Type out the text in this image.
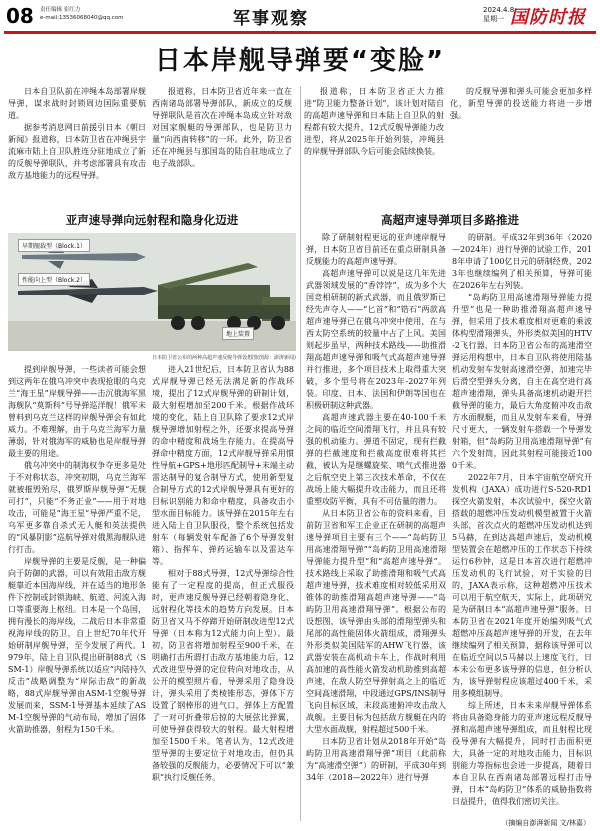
08 责任编辑 崔红力
e-mail:13536068040@qq.com	军事观察	2024.4.8
星期一 国防时报
日本岸舰导弹要“变脸”

日本自卫队前在冲绳本岛部署岸舰导弹，谋求战时封锁周边国际重要航道。

据参考消息网日前援引日本《朝日新闻》报道称，日本防卫省在冲绳县宇流麻市陆上自卫队胜连分驻地成立了新的反舰导弹联队，并考虑部署具有攻击敌方基地能力的远程导弹。

报道称，日本防卫省近年来一直在西南诸岛部署导弹部队，新成立的反舰导弹联队是首次在冲绳本岛成立针对敌对国家舰艇的导弹部队，也是防卫力量“向西南转移”的一环。此外，防卫省还在冲绳县与那国岛的陆自驻地成立了电子战部队。

报道称，日本防卫省正大力推进“防卫能力整备计划”，该计划对陆自的高超声速导弹和日本陆上自卫队的射程都有较大提升，12式反舰导弹能力改进型，将从2025年开始列装，冲绳县的岸舰导弹部队今后可能会陆续换装。

的反舰导弹和弹头可能会更加多样化，新型导弹的投送能力将进一步增强。

亚声速导弹向远射程和隐身化迈进
早期舰载型（Block.1）
性能向上型（Block.2）
地上装置
日本防卫省公布的两种高超声速反舰导弹设想图(图源：澎湃新闻)

提到岸舰导弹，一些读者可能会想到这两年在俄乌冲突中表现抢眼的乌克兰“海王星”岸舰导弹——击沉俄海军黑海舰队“莫斯科”号导弹巡洋舰！俄军未曾料到乌克兰这样的岸舰导弹会有如此威力。不难理解，由于乌克兰海军力量薄弱，针对俄海军的威胁也是岸舰导弹最主要的用途。

俄乌冲突中的制海权争夺更多是处于不对称状态，冲突初期，乌克兰海军就被摧毁殆尽，俄罗斯岸舰导弹“无舰可打”，只能“不务正业”——用于对地攻击，可能是“海王星”导弹严重不足，乌军更多靠自杀式无人艇和英法提供的“风暴阴影”巡航导弹对俄黑海舰队进行打击。

岸舰导弹的主要是反舰，是一种偏向于防御的武器，可以有效阻击敌方舰艇靠近本国海岸线，并在适当的地形条件下控制或封锁海峡、航道、河流入海口等重要海上枢纽。日本是一个岛国，拥有漫长的海岸线，二战后日本非常重视海岸线的防卫，自上世纪70年代开始研制岸舰导弹，至今发展了两代。1979年，陆上自卫队提出研制88式（SSM-1）岸舰导弹系统以适应“内陆持久反击”战略调整为“岸际击敌”的新战略，88式岸舰导弹由ASM-1空舰导弹发展而来，SSM-1导弹基本延续了ASM-1空舰导弹的气动布局，增加了固体火箭助推器，射程为150千米。

进入21世纪后，日本防卫省认为88式岸舰导弹已经无法满足新的作战环境，提出了12式岸舰导弹的研制计划，最大射程增加至200千米。根据作战环境的变化，陆上自卫队除了要求12式岸舰导弹增加射程之外，还要求提高导弹的命中精度和战场生存能力。在提高导弹命中精度方面，12式岸舰导弹采用惯性导航+GPS+地形匹配制导+末端主动雷达制导的复合制导方式，使用新型复合制导方式的12式岸舰导弹具有更好的目标识别能力和命中精度，具备攻击小型水面目标能力。该导弹在2015年左右进入陆上自卫队服役，整个系统包括发射车（每辆发射车配备了6个导弹发射箱）、指挥车、弹药运输车以及雷达车等。

相对于88式导弹，12式导弹综合性能有了一定程度的提高，但正式服役时，更声速反舰导弹已经朝着隐身化、远射程化等技术的趋势方向发展。日本防卫省又马不停蹄开始研制改进型12式导弹（日本称为12式能力向上型）。最初，防卫省将增加射程至900千米，在明确打击所谓打击敌方基地能力后，12式改进型导弹的定位转向对地攻击，从公开的模型照片看，导弹采用了隐身设计，弹头采用了类棱锥形态，弹体下方设置了钢棒形的进气口，弹体上方配置了一对可折叠带后掠的大展弦比弹翼，可使导弹获得较大的射程。最大射程增加至1500千米。笔者认为，12式改进型导弹的主要定位于对地攻击，但仍具备较强的反舰能力，必要情况下可以“兼职”执行反舰任务。

高超声速导弹项目多路推进

除了研制射程更远的亚声速岸舰导弹，日本防卫省目前还在重点研制具备反舰能力的高超声速导弹。

高超声速导弹可以说是这几年先进武器领域发展的“香饽饽”，成为多个大国竞相研制的新式武器，而且俄罗斯已经先声夺人——“匕首”和“锆石”两款高超声速导弹已在俄乌冲突中使用，在与西太防空系统的较量中占了上风。美国则起步虽早，两种技术路线——助推滑翔高超声速导弹和吸气式高超声速导弹并行推进，多个项目技术上取得重大突破，多个型号将在2023年-2027年列装。印度、日本、法国和伊朗等国也在积极研制这种武器。

高超声速武器主要在40-100千米之间的临近空间滑翔飞行，并且具有较强的机动能力。弹道不固定，现有拦截弹的拦截速度和拦截高度很难将其拦截，被认为是继螺旋桨、喷气式推进器之后航空史上第三次技术革命，不仅在战场上能大幅提升攻击能力，而且还将重塑攻防平衡，具有不可估量的潜力。

从日本防卫省公布的资料来看，目前防卫省和军工企业正在研制的高超声速导弹项目主要有三个——“岛屿防卫用高速滑翔导弹”“岛屿防卫用高速滑翔导弹能力提升型”和“高超声速导弹”。技术路线上采取了助推滑翔和吸气式高超声速导弹，技术难度相对较低采用双锥体的助推滑翔高超声速导弹——“岛屿防卫用高速滑翔导弹”。根据公布的设想图，该导弹由头部的滑翔型弹头和尾部的高性能固体火箭组成，滑翔弹头外形类似美国陆军的AHW飞行器，该武器安装在高机动卡车上，作战时利用高加速的高性能火箭发动机助推到高超声速，在敌人防空导弹射高之上的临近空间高速滑翔，中段通过GPS/INS制导飞向目标区域，末段高速俯冲攻击敌人战舰。主要目标为包括敌方舰艇在内的大型水面战舰，射程超过500千米。

日本防卫省计划从2018年开始“岛屿防卫用高速滑翔导弹”项目（此前称为“高速滑空弹”）的研制，平成30年到34年（2018—2022年）进行导弹

的研制。平成32年到36年（2020—2024年）进行导弹的试验工作，2018年申请了100亿日元的研制经费，2023年也继续编列了相关预算，导弹可能在2026年左右列装。

“岛屿防卫用高速滑翔导弹能力提升型”也是一种助推滑翔高超声速导弹，但采用了技术难度相对更难的乘波体构型滑翔弹头，外形类似美国的HTV-2飞行器，日本防卫省公布的高速滑空弹运用构想中，日本自卫队将使用陆基机动发射车发射高速滑空弹，加速完毕后滑空型弹头分离，自主在高空进行高超声速滑翔，弹头具备高速机动避开拦截导弹的能力，最后大角度俯冲攻击敌方水面舰艇，而且从发射车来看，导弹尺寸更大，一辆发射车搭载一个导弹发射箱，但“岛屿防卫用高速滑翔导弹”有六个发射筒，因此其射程可能接近1000千米。

2022年7月，日本宇宙航空研究开发机构（JAXA）成功进行S-520-RD1探空火箭发射，本次试验中，探空火箭搭载的超燃冲压发动机模型被置于火箭头部，首次点火的超燃冲压发动机达到5马赫，在到达高超声速后，发动机模型装置会在超燃冲压的工作状态下持续运行6秒钟，这是日本首次进行超燃冲压发动机的飞行试验，对于实验的目的，JAXA表示称，这种超燃冲压技术可以用于航空航天，实际上，此项研究是为研制日本“高超声速导弹”服务。日本防卫省在2021年度开始编列吸气式超燃冲压高超声速导弹的开发，在去年继续编列了相关预算，据称该导弹可以在临近空间以5马赫以上速度飞行，日本未公布更多该导弹的信息，但分析认为，该导弹射程应该超过400千米，采用多模组制导。

综上所述，日本未来岸舰导弹体系将由具备隐身能力的亚声速远程反舰导弹和高超声速导弹组成，而且射程比现役导弹有大幅提升，同时打击面积更大，具备一定的对地攻击能力，目标识别能力等指标也会进一步提高，随着日本自卫队在西南诸岛部署远程打击导弹，日本“岛屿防卫”体系的威胁指数将日益提升，值得我们密切关注。

（摘编自澎湃新闻 文/林嘉）
